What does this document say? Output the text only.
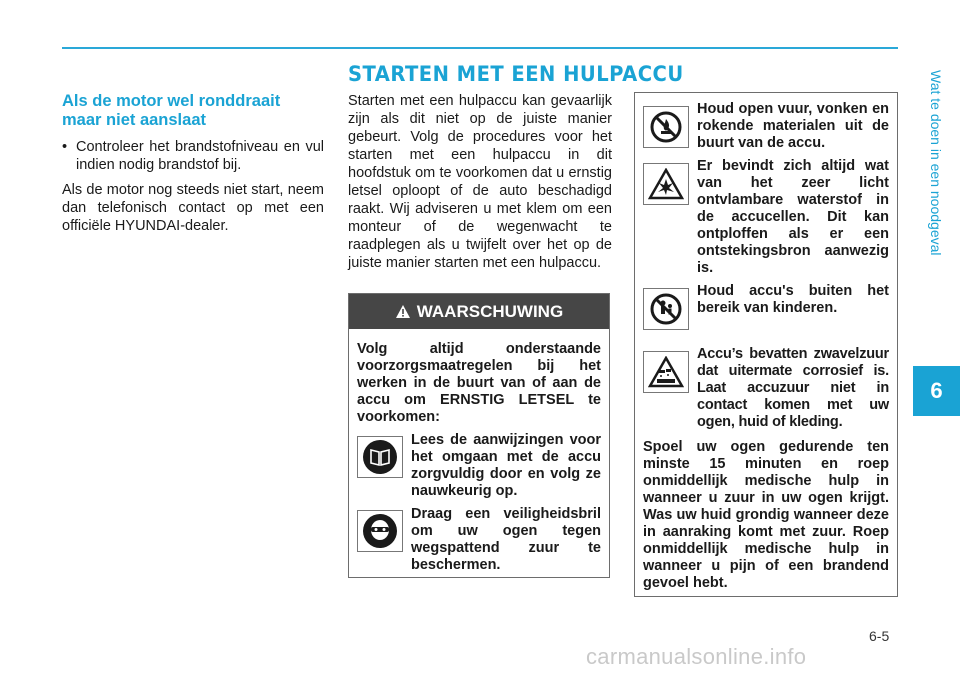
STARTEN MET EEN HULPACCU	Wat te doen in een noodgeval
6
Als de motor wel ronddraait maar niet aanslaat
• Controleer het brandstofniveau en vul indien nodig brandstof bij.

Als de motor nog steeds niet start, neem dan telefonisch contact op met een officiële HYUNDAI-dealer.

Starten met een hulpaccu kan gevaarlijk zijn als dit niet op de juiste manier gebeurt. Volg de procedures voor het starten met een hulpaccu in dit hoofdstuk om te voorkomen dat u ernstig letsel oploopt of de auto beschadigd raakt. Wij adviseren u met klem om een monteur of de wegenwacht te raadplegen als u twijfelt over het op de juiste manier starten met een hulpaccu.

WAARSCHUWING

Volg altijd onderstaande voorzorgsmaatregelen bij het werken in de buurt van of aan de accu om ERNSTIG LETSEL te voorkomen:

Lees de aanwijzingen voor het omgaan met de accu zorgvuldig door en volg ze nauwkeurig op.

Draag een veiligheidsbril om uw ogen tegen wegspattend zuur te beschermen.

Houd open vuur, vonken en rokende materialen uit de buurt van de accu.

Er bevindt zich altijd wat van het zeer licht ontvlambare waterstof in de accucellen. Dit kan ontploffen als er een ontstekingsbron aanwezig is.

Houd accu's buiten het bereik van kinderen.

Accu’s bevatten zwavelzuur dat uitermate corrosief is. Laat accuzuur niet in contact komen met uw ogen, huid of kleding.

Spoel uw ogen gedurende ten minste 15 minuten en roep onmiddellijk medische hulp in wanneer u zuur in uw ogen krijgt. Was uw huid grondig wanneer deze in aanraking komt met zuur. Roep onmiddellijk medische hulp in wanneer u pijn of een brandend gevoel hebt.

6-5
carmanualsonline.info
